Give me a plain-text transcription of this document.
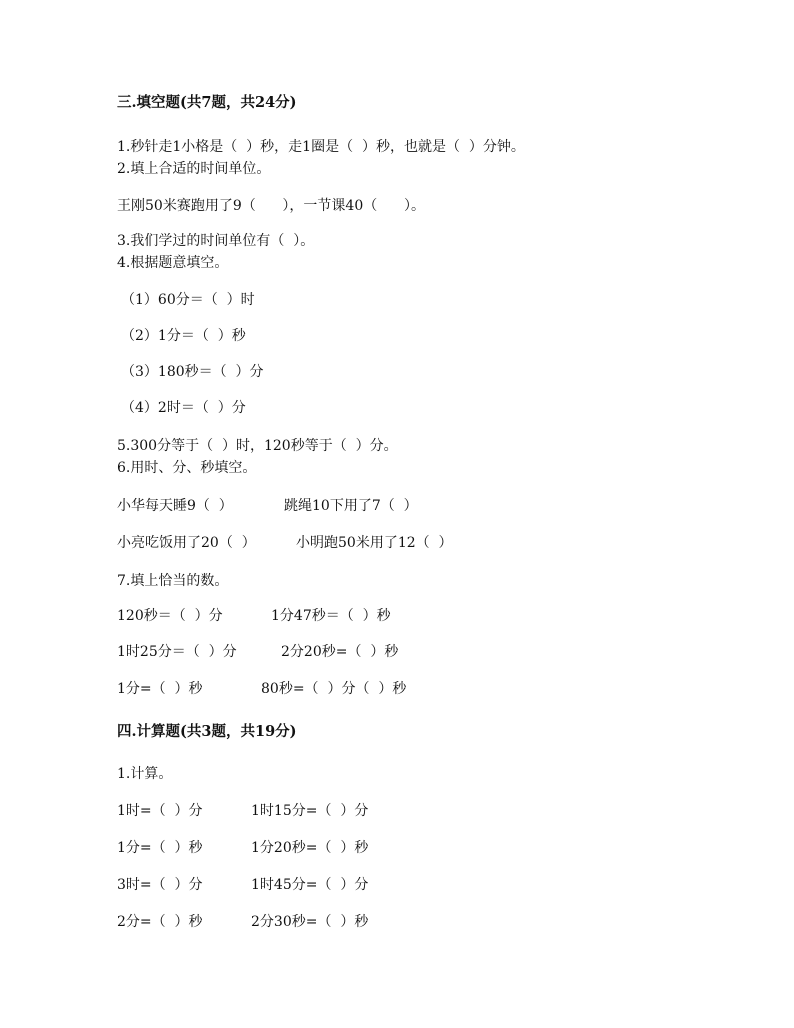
三.填空题(共7题，共24分)
1.秒针走1小格是（  ）秒，走1圈是（  ）秒，也就是（  ）分钟。
2.填上合适的时间单位。
王刚50米赛跑用了9（      ），一节课40（      ）。
3.我们学过的时间单位有（  ）。
4.根据题意填空。
（1）60分＝（  ）时
（2）1分＝（  ）秒
（3）180秒＝（  ）分
（4）2时＝（  ）分
5.300分等于（  ）时，120秒等于（  ）分。
6.用时、分、秒填空。
小华每天睡9（  ）	跳绳10下用了7（  ）
小亮吃饭用了20（  ）	小明跑50米用了12（  ）
7.填上恰当的数。
120秒＝（  ）分	1分47秒＝（  ）秒
1时25分＝（  ）分	2分20秒=（  ）秒
1分=（  ）秒	80秒=（  ）分（  ）秒
四.计算题(共3题，共19分)
1.计算。
1时=（  ）分	1时15分=（  ）分
1分=（  ）秒	1分20秒=（  ）秒
3时=（  ）分	1时45分=（  ）分
2分=（  ）秒	2分30秒=（  ）秒
